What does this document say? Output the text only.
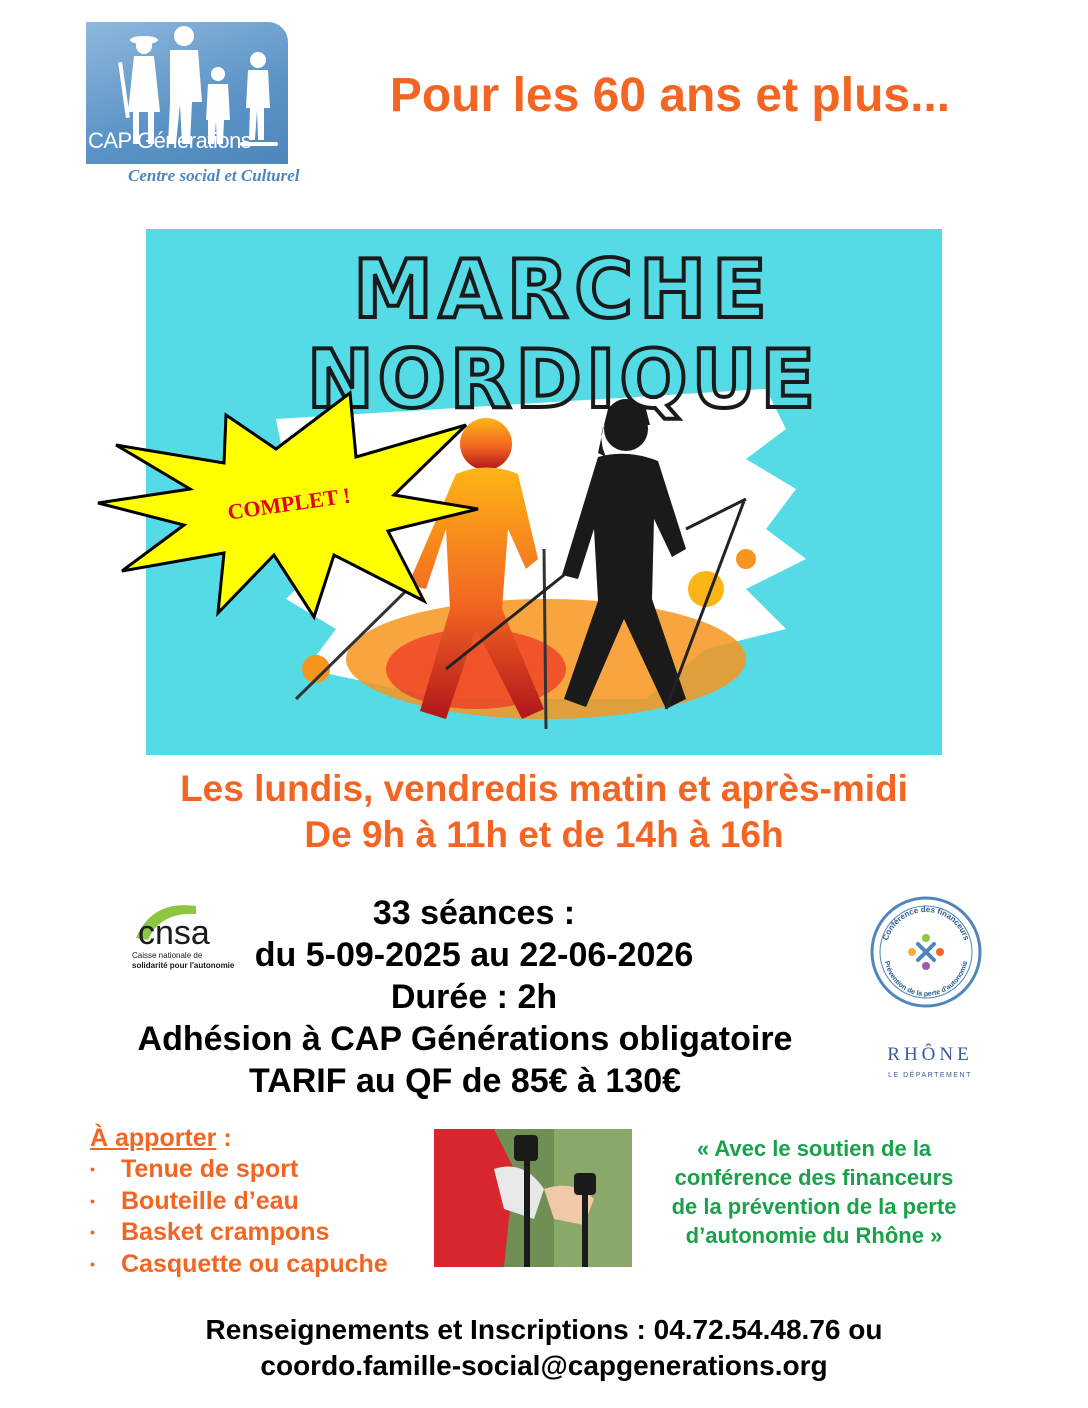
CAP Générations
Centre social et Culturel
Pour les 60 ans et plus...
MARCHE
NORDIQUE
COMPLET !
Les lundis, vendredis matin et après-midi
De 9h à 11h et de 14h à 16h
cnsa
Caisse nationale de
solidarité pour l'autonomie
33 séances :
du 5-09-2025 au 22-06-2026
Durée : 2h
Adhésion à CAP Générations obligatoire
TARIF au QF de 85€ à 130€
Conférence des financeurs
Prévention de la perte d'autonomie
RHÔNE
LE DÉPARTEMENT
À apporter :
• Tenue de sport
• Bouteille d’eau
• Basket crampons
• Casquette ou capuche
« Avec le soutien de la
conférence des financeurs
de la prévention de la perte
d’autonomie du Rhône »
Renseignements et Inscriptions : 04.72.54.48.76 ou
coordo.famille-social@capgenerations.org
